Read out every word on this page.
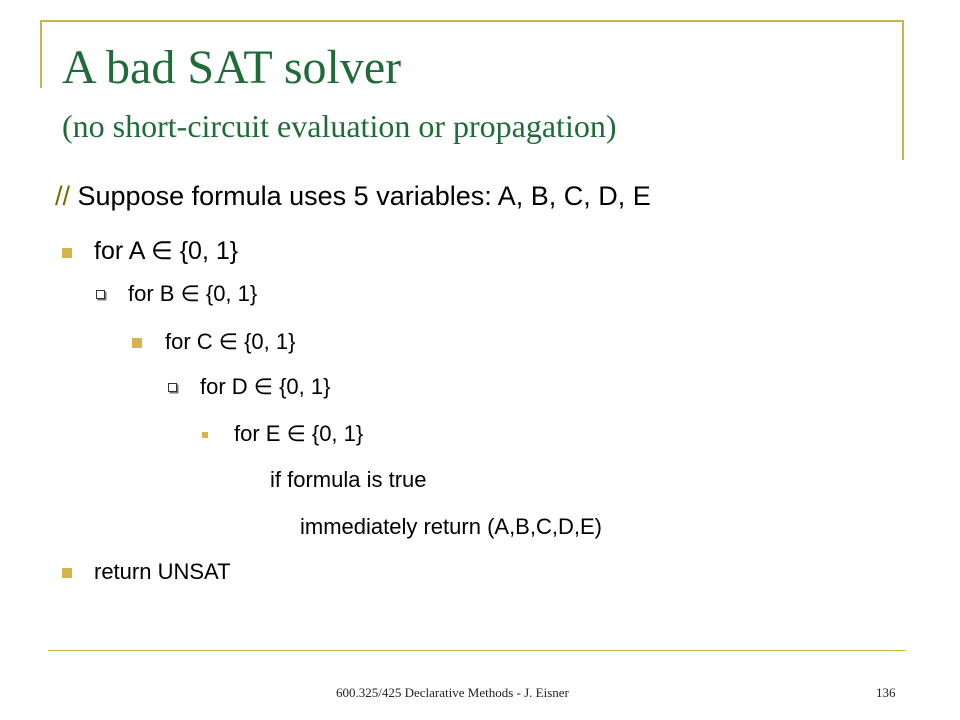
A bad SAT solver
(no short-circuit evaluation or propagation)
// Suppose formula uses 5 variables: A, B, C, D, E
for A ∈ {0, 1}
for B ∈ {0, 1}
for C ∈ {0, 1}
for D ∈ {0, 1}
for E ∈ {0, 1}
if formula is true
immediately return (A,B,C,D,E)
return UNSAT
600.325/425 Declarative Methods - J. Eisner	136
